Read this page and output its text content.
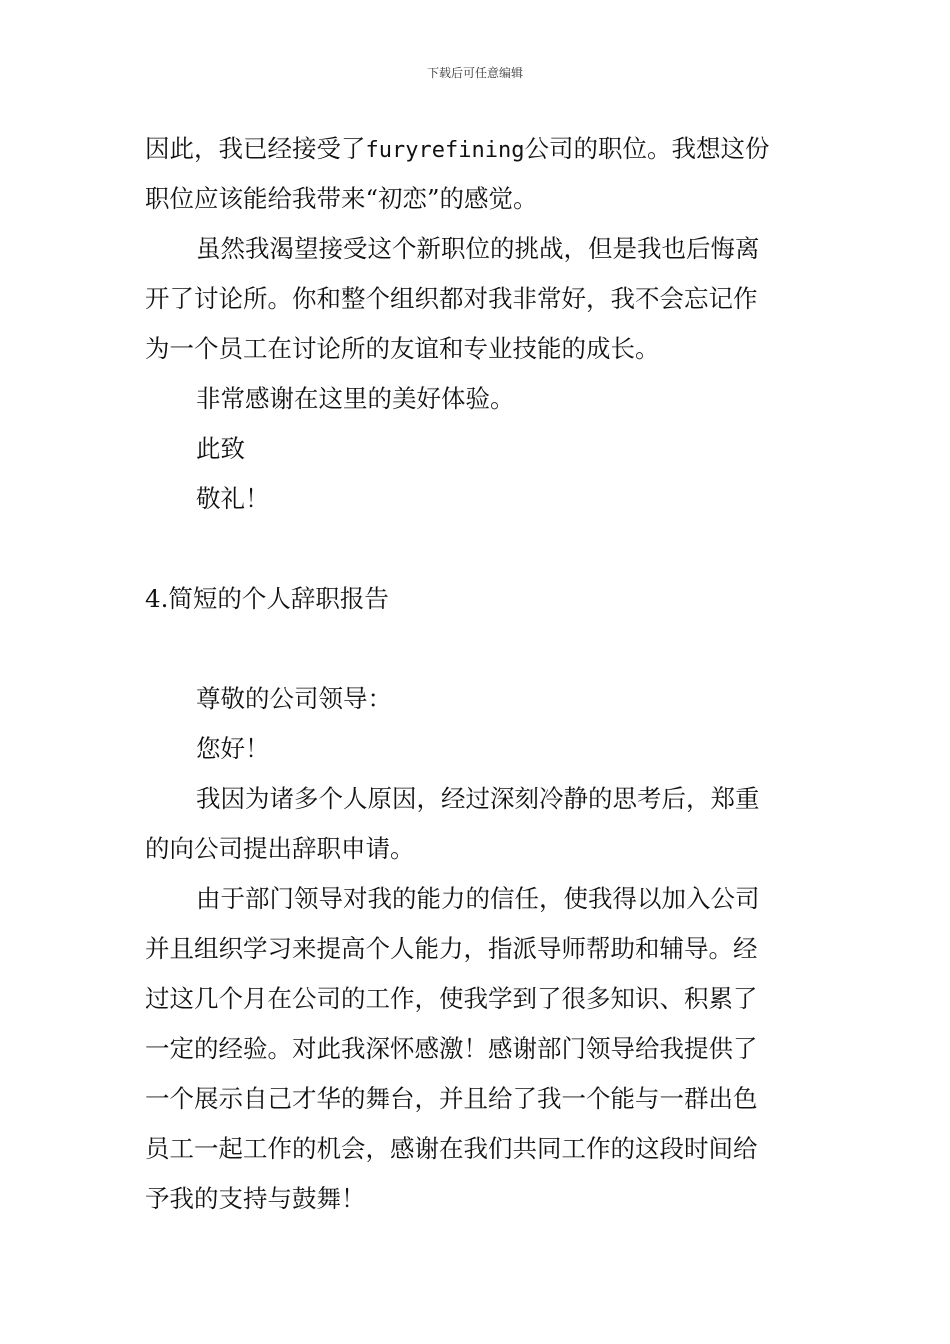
下载后可任意编辑
因此，我已经接受了furyrefining公司的职位。我想这份
职位应该能给我带来“初恋”的感觉。
虽然我渴望接受这个新职位的挑战，但是我也后悔离
开了讨论所。你和整个组织都对我非常好，我不会忘记作
为一个员工在讨论所的友谊和专业技能的成长。
非常感谢在这里的美好体验。
此致
敬礼！
4.简短的个人辞职报告
尊敬的公司领导：
您好！
我因为诸多个人原因，经过深刻冷静的思考后，郑重
的向公司提出辞职申请。
由于部门领导对我的能力的信任，使我得以加入公司
并且组织学习来提高个人能力，指派导师帮助和辅导。经
过这几个月在公司的工作，使我学到了很多知识、积累了
一定的经验。对此我深怀感激！感谢部门领导给我提供了
一个展示自己才华的舞台，并且给了我一个能与一群出色
员工一起工作的机会，感谢在我们共同工作的这段时间给
予我的支持与鼓舞！
